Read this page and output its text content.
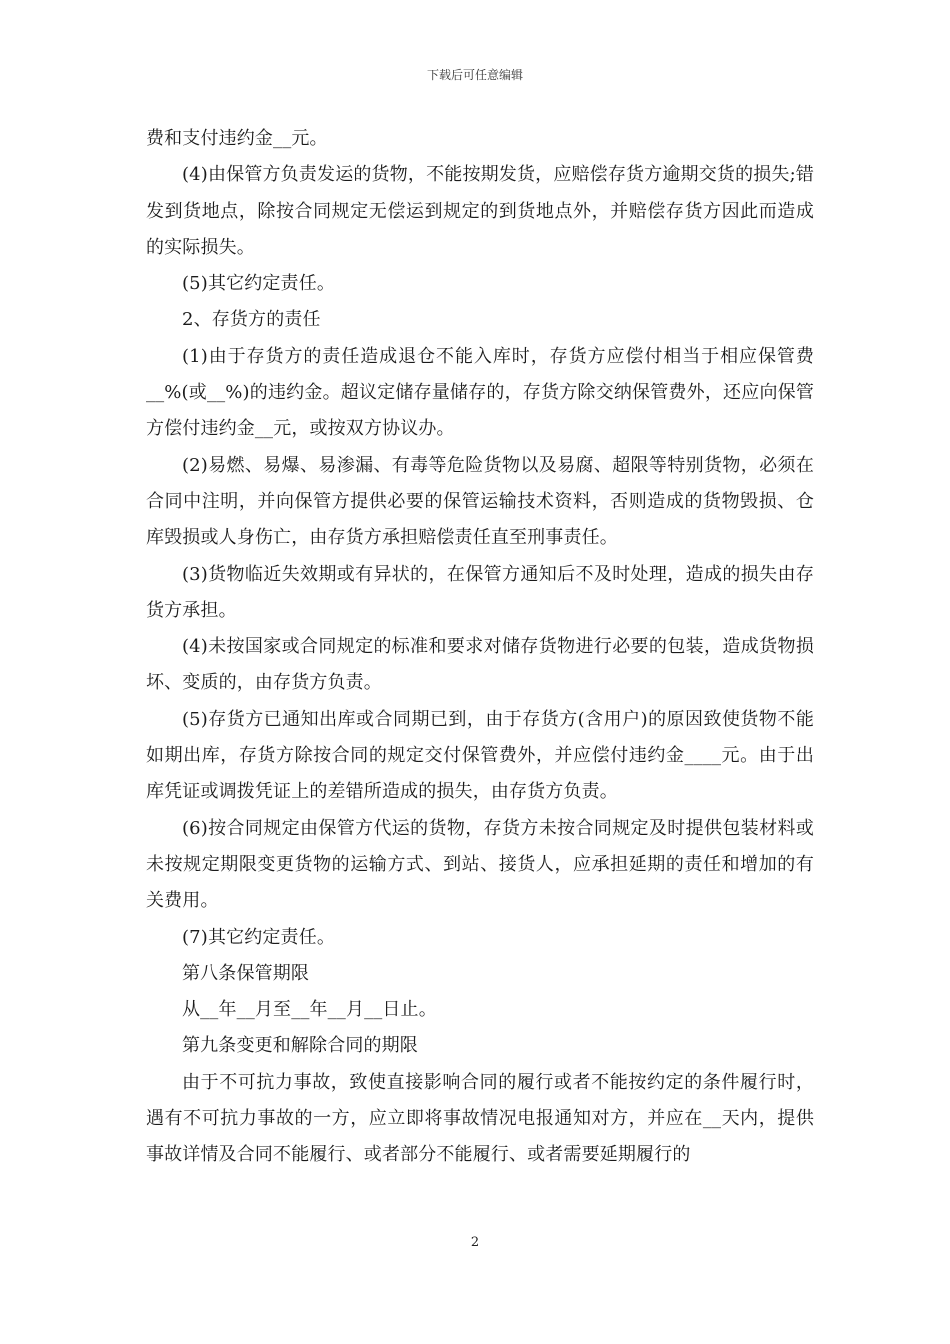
下载后可任意编辑

费和支付违约金__元。

(4)由保管方负责发运的货物，不能按期发货，应赔偿存货方逾期交货的损失;错发到货地点，除按合同规定无偿运到规定的到货地点外，并赔偿存货方因此而造成的实际损失。

(5)其它约定责任。

2、存货方的责任

(1)由于存货方的责任造成退仓不能入库时，存货方应偿付相当于相应保管费__%(或__%)的违约金。超议定储存量储存的，存货方除交纳保管费外，还应向保管方偿付违约金__元，或按双方协议办。

(2)易燃、易爆、易渗漏、有毒等危险货物以及易腐、超限等特别货物，必须在合同中注明，并向保管方提供必要的保管运输技术资料，否则造成的货物毁损、仓库毁损或人身伤亡，由存货方承担赔偿责任直至刑事责任。

(3)货物临近失效期或有异状的，在保管方通知后不及时处理，造成的损失由存货方承担。

(4)未按国家或合同规定的标准和要求对储存货物进行必要的包装，造成货物损坏、变质的，由存货方负责。

(5)存货方已通知出库或合同期已到，由于存货方(含用户)的原因致使货物不能如期出库，存货方除按合同的规定交付保管费外，并应偿付违约金____元。由于出库凭证或调拨凭证上的差错所造成的损失，由存货方负责。

(6)按合同规定由保管方代运的货物，存货方未按合同规定及时提供包装材料或未按规定期限变更货物的运输方式、到站、接货人，应承担延期的责任和增加的有关费用。

(7)其它约定责任。

第八条保管期限

从__年__月至__年__月__日止。

第九条变更和解除合同的期限

由于不可抗力事故，致使直接影响合同的履行或者不能按约定的条件履行时，遇有不可抗力事故的一方，应立即将事故情况电报通知对方，并应在__天内，提供事故详情及合同不能履行、或者部分不能履行、或者需要延期履行的

2
